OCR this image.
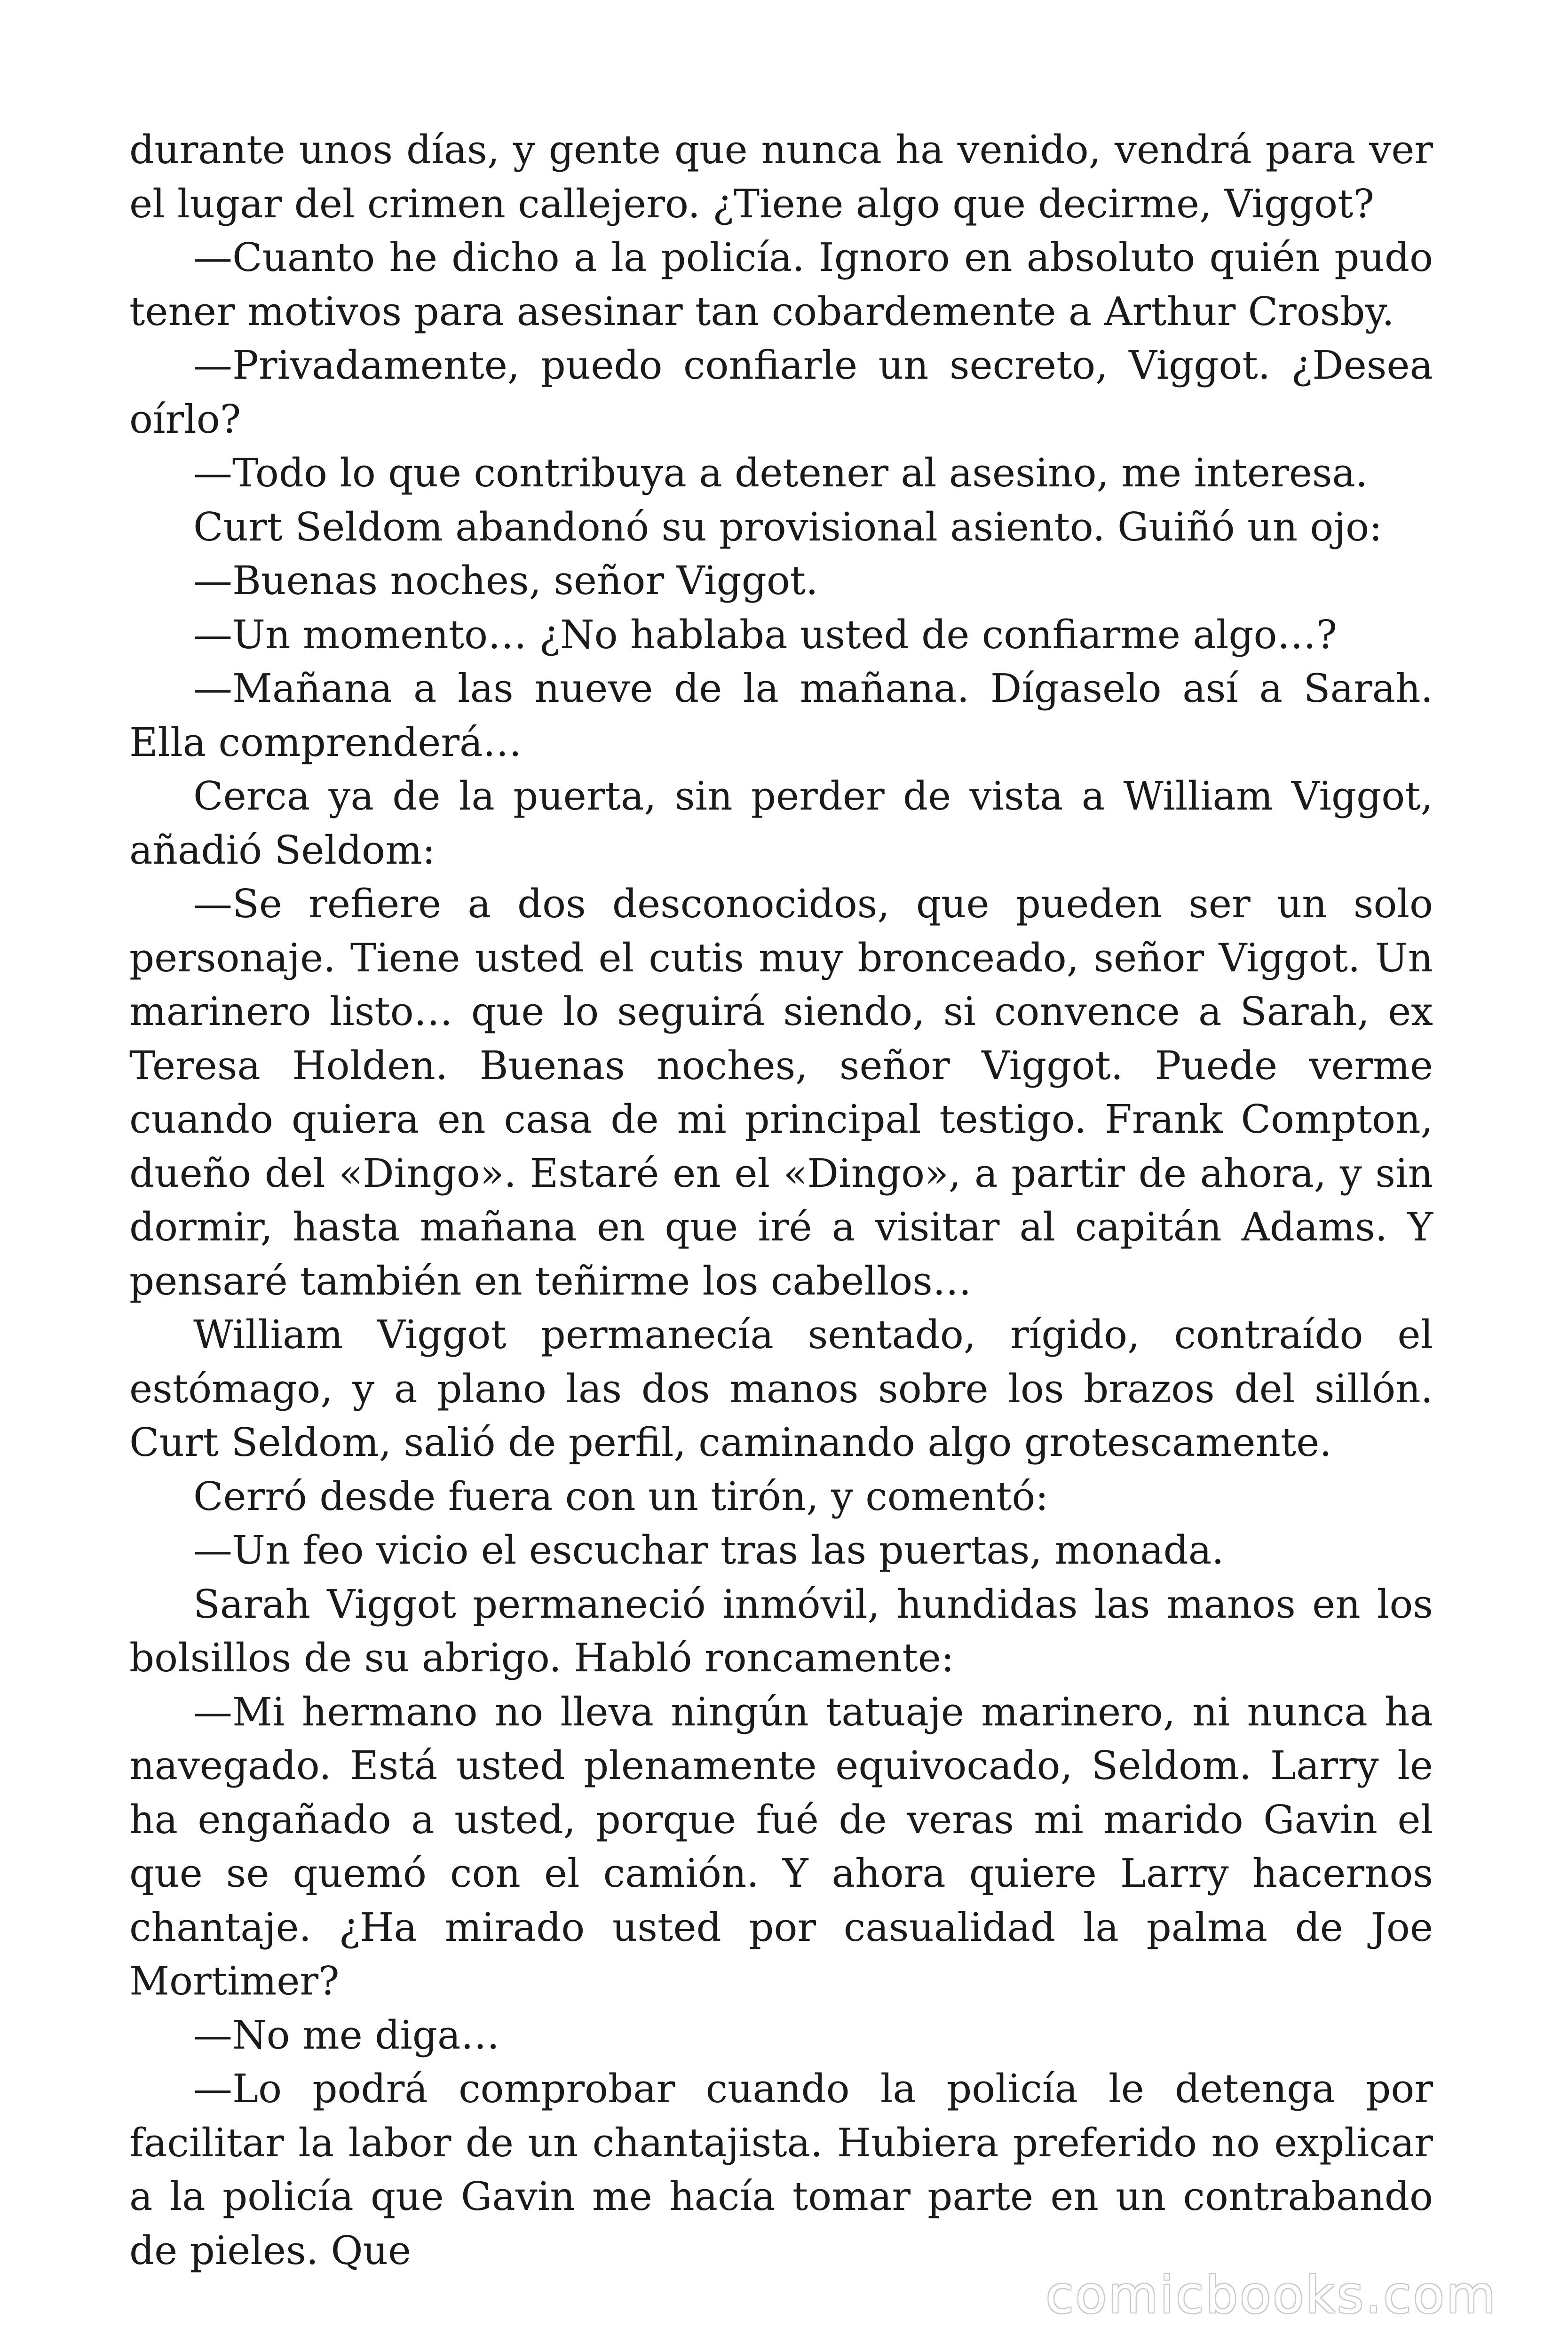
durante unos días, y gente que nunca ha venido, vendrá para ver el lugar del crimen callejero. ¿Tiene algo que decirme, Viggot?

—Cuanto he dicho a la policía. Ignoro en absoluto quién pudo tener motivos para asesinar tan cobardemente a Arthur Crosby.

—Privadamente, puedo confiarle un secreto, Viggot. ¿Desea oírlo?

—Todo lo que contribuya a detener al asesino, me interesa.

Curt Seldom abandonó su provisional asiento. Guiñó un ojo:

—Buenas noches, señor Viggot.

—Un momento… ¿No hablaba usted de confiarme algo…?

—Mañana a las nueve de la mañana. Dígaselo así a Sarah. Ella comprenderá…

Cerca ya de la puerta, sin perder de vista a William Viggot, añadió Seldom:

—Se refiere a dos desconocidos, que pueden ser un solo personaje. Tiene usted el cutis muy bronceado, señor Viggot. Un marinero listo… que lo seguirá siendo, si convence a Sarah, ex Teresa Holden. Buenas noches, señor Viggot. Puede verme cuando quiera en casa de mi principal testigo. Frank Compton, dueño del «Dingo». Estaré en el «Dingo», a partir de ahora, y sin dormir, hasta mañana en que iré a visitar al capitán Adams. Y pensaré también en teñirme los cabellos…

William Viggot permanecía sentado, rígido, contraído el estómago, y a plano las dos manos sobre los brazos del sillón. Curt Seldom, salió de perfil, caminando algo grotescamente.

Cerró desde fuera con un tirón, y comentó:

—Un feo vicio el escuchar tras las puertas, monada.

Sarah Viggot permaneció inmóvil, hundidas las manos en los bolsillos de su abrigo. Habló roncamente:

—Mi hermano no lleva ningún tatuaje marinero, ni nunca ha navegado. Está usted plenamente equivocado, Seldom. Larry le ha engañado a usted, porque fué de veras mi marido Gavin el que se quemó con el camión. Y ahora quiere Larry hacernos chantaje. ¿Ha mirado usted por casualidad la palma de Joe Mortimer?

—No me diga…

—Lo podrá comprobar cuando la policía le detenga por facilitar la labor de un chantajista. Hubiera preferido no explicar a la policía que Gavin me hacía tomar parte en un contrabando de pieles. Que

comicbooks.com
